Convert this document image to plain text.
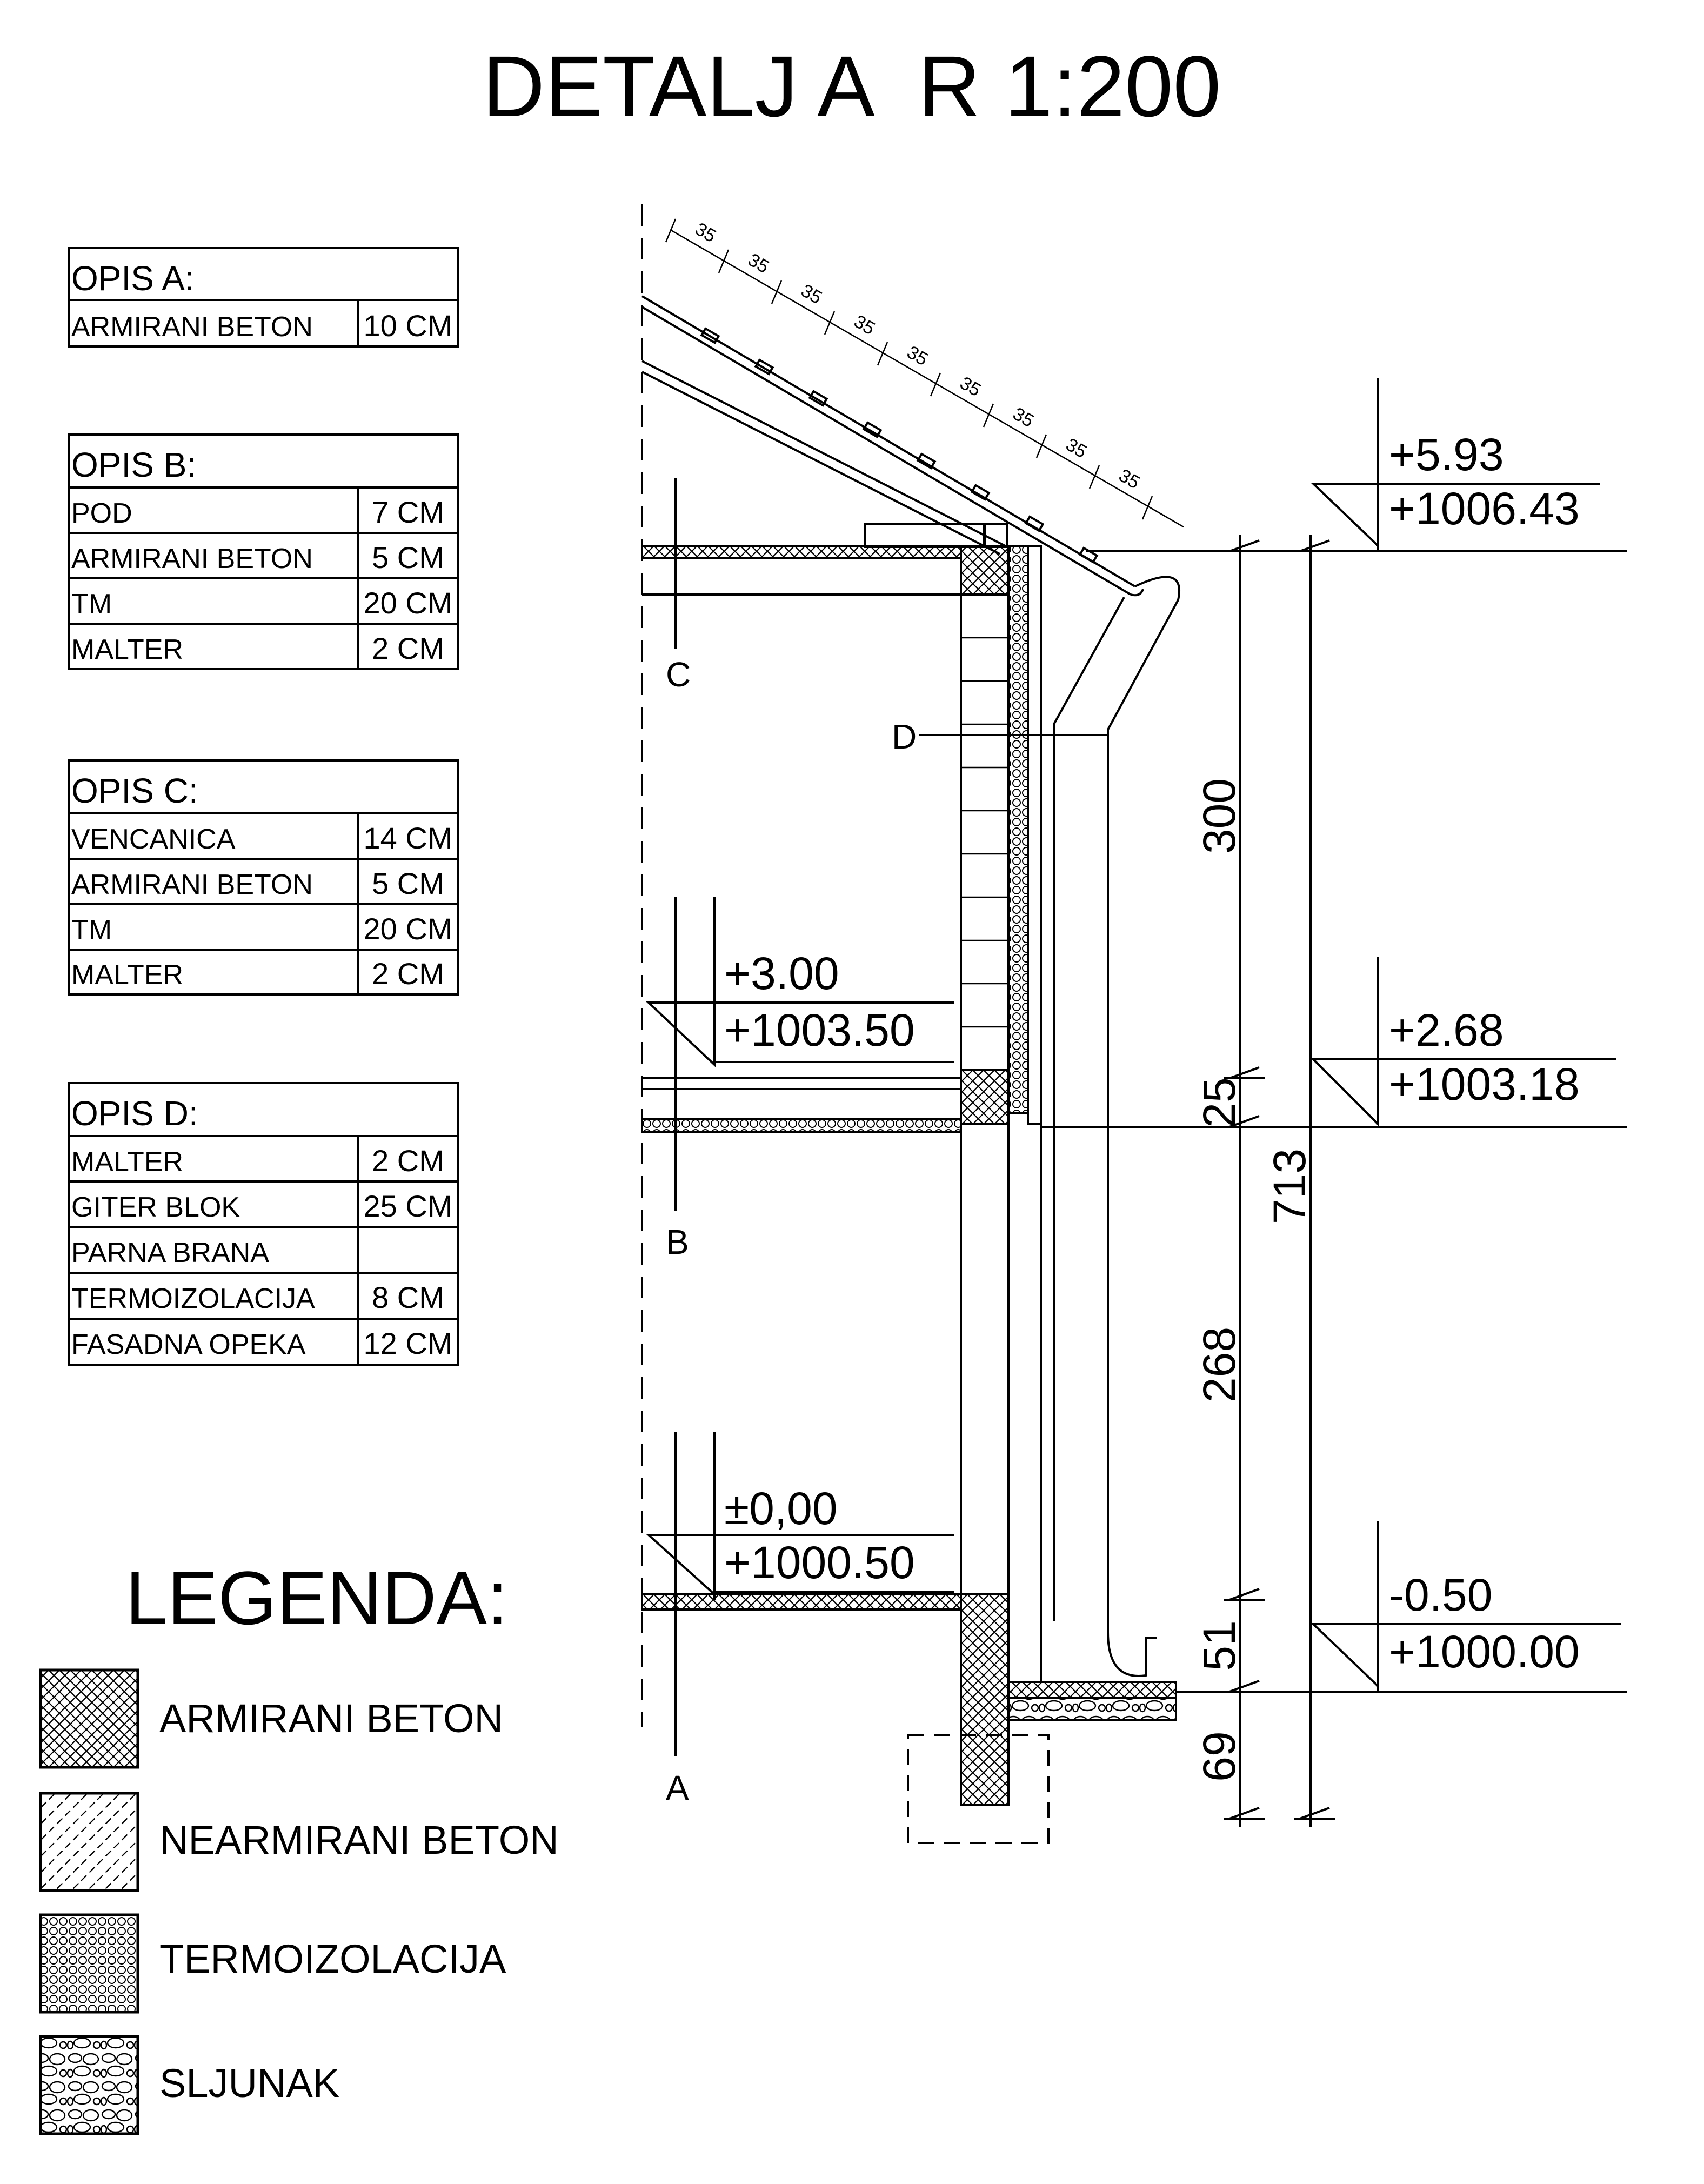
DETALJ A  R 1:200
OPIS A:
ARMIRANI BETON 10 CM
OPIS B:
POD	7 CM
ARMIRANI BETON 5 CM
TM	20 CM
MALTER	2 CM
OPIS C:
VENCANICA	14 CM
ARMIRANI BETON 5 CM
TM	20 CM
MALTER	2 CM
OPIS D:
MALTER	2 CM
GITER BLOK	25 CM
PARNA BRANA
TERMOIZOLACIJA 8 CM
FASADNA OPEKA 12 CM
LEGENDA:
ARMIRANI BETON
NEARMIRANI BETON
TERMOIZOLACIJA
SLJUNAK
35
35
35
35
35
35
35
35
35
C
B
A
D
+3.00
+1003.50
±0,00
+1000.50
+5.93
+1006.43
+2.68
+1003.18
-0.50
+1000.00
300
25
268
51
69
713
